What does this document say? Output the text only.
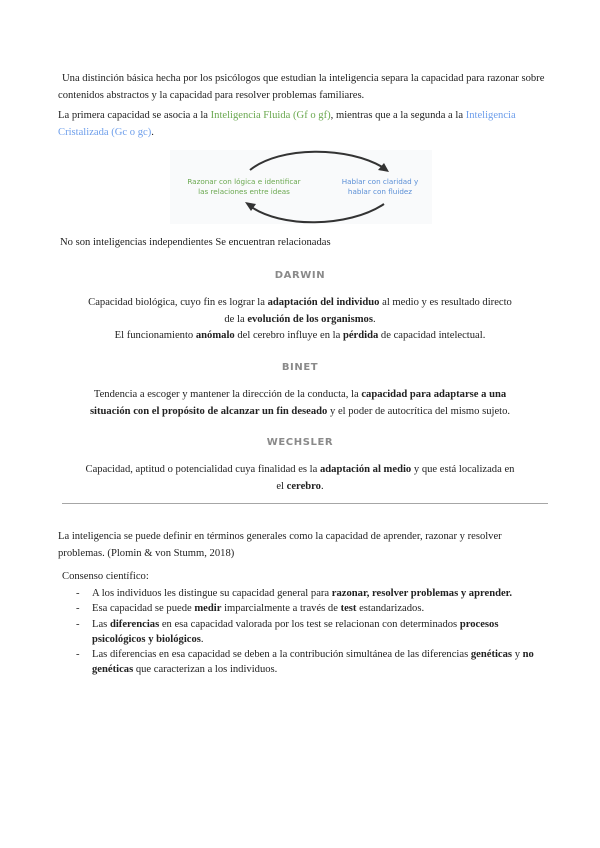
Una distinción básica hecha por los psicólogos que estudian la inteligencia separa la capacidad para razonar sobre contenidos abstractos y la capacidad para resolver problemas familiares.
La primera capacidad se asocia a la Inteligencia Fluida (Gf o gf), mientras que a la segunda a la Inteligencia Cristalizada (Gc o gc).
Razonar con lógica e identificar
las relaciones entre ideas
Hablar con claridad y
hablar con fluidez
No son inteligencias independientes Se encuentran relacionadas
DARWIN
Capacidad biológica, cuyo fin es lograr la adaptación del individuo al medio y es resultado directo
de la evolución de los organismos.
El funcionamiento anómalo del cerebro influye en la pérdida de capacidad intelectual.
BINET
Tendencia a escoger y mantener la dirección de la conducta, la capacidad para adaptarse a una
situación con el propósito de alcanzar un fin deseado y el poder de autocrítica del mismo sujeto.
WECHSLER
Capacidad, aptitud o potencialidad cuya finalidad es la adaptación al medio y que está localizada en
el cerebro.
La inteligencia se puede definir en términos generales como la capacidad de aprender, razonar y resolver problemas. (Plomin & von Stumm, 2018)
Consenso científico:
- A los individuos les distingue su capacidad general para razonar, resolver problemas y aprender.
- Esa capacidad se puede medir imparcialmente a través de test estandarizados.
- Las diferencias en esa capacidad valorada por los test se relacionan con determinados procesos psicológicos y biológicos.
- Las diferencias en esa capacidad se deben a la contribución simultánea de las diferencias genéticas y no genéticas que caracterizan a los individuos.
